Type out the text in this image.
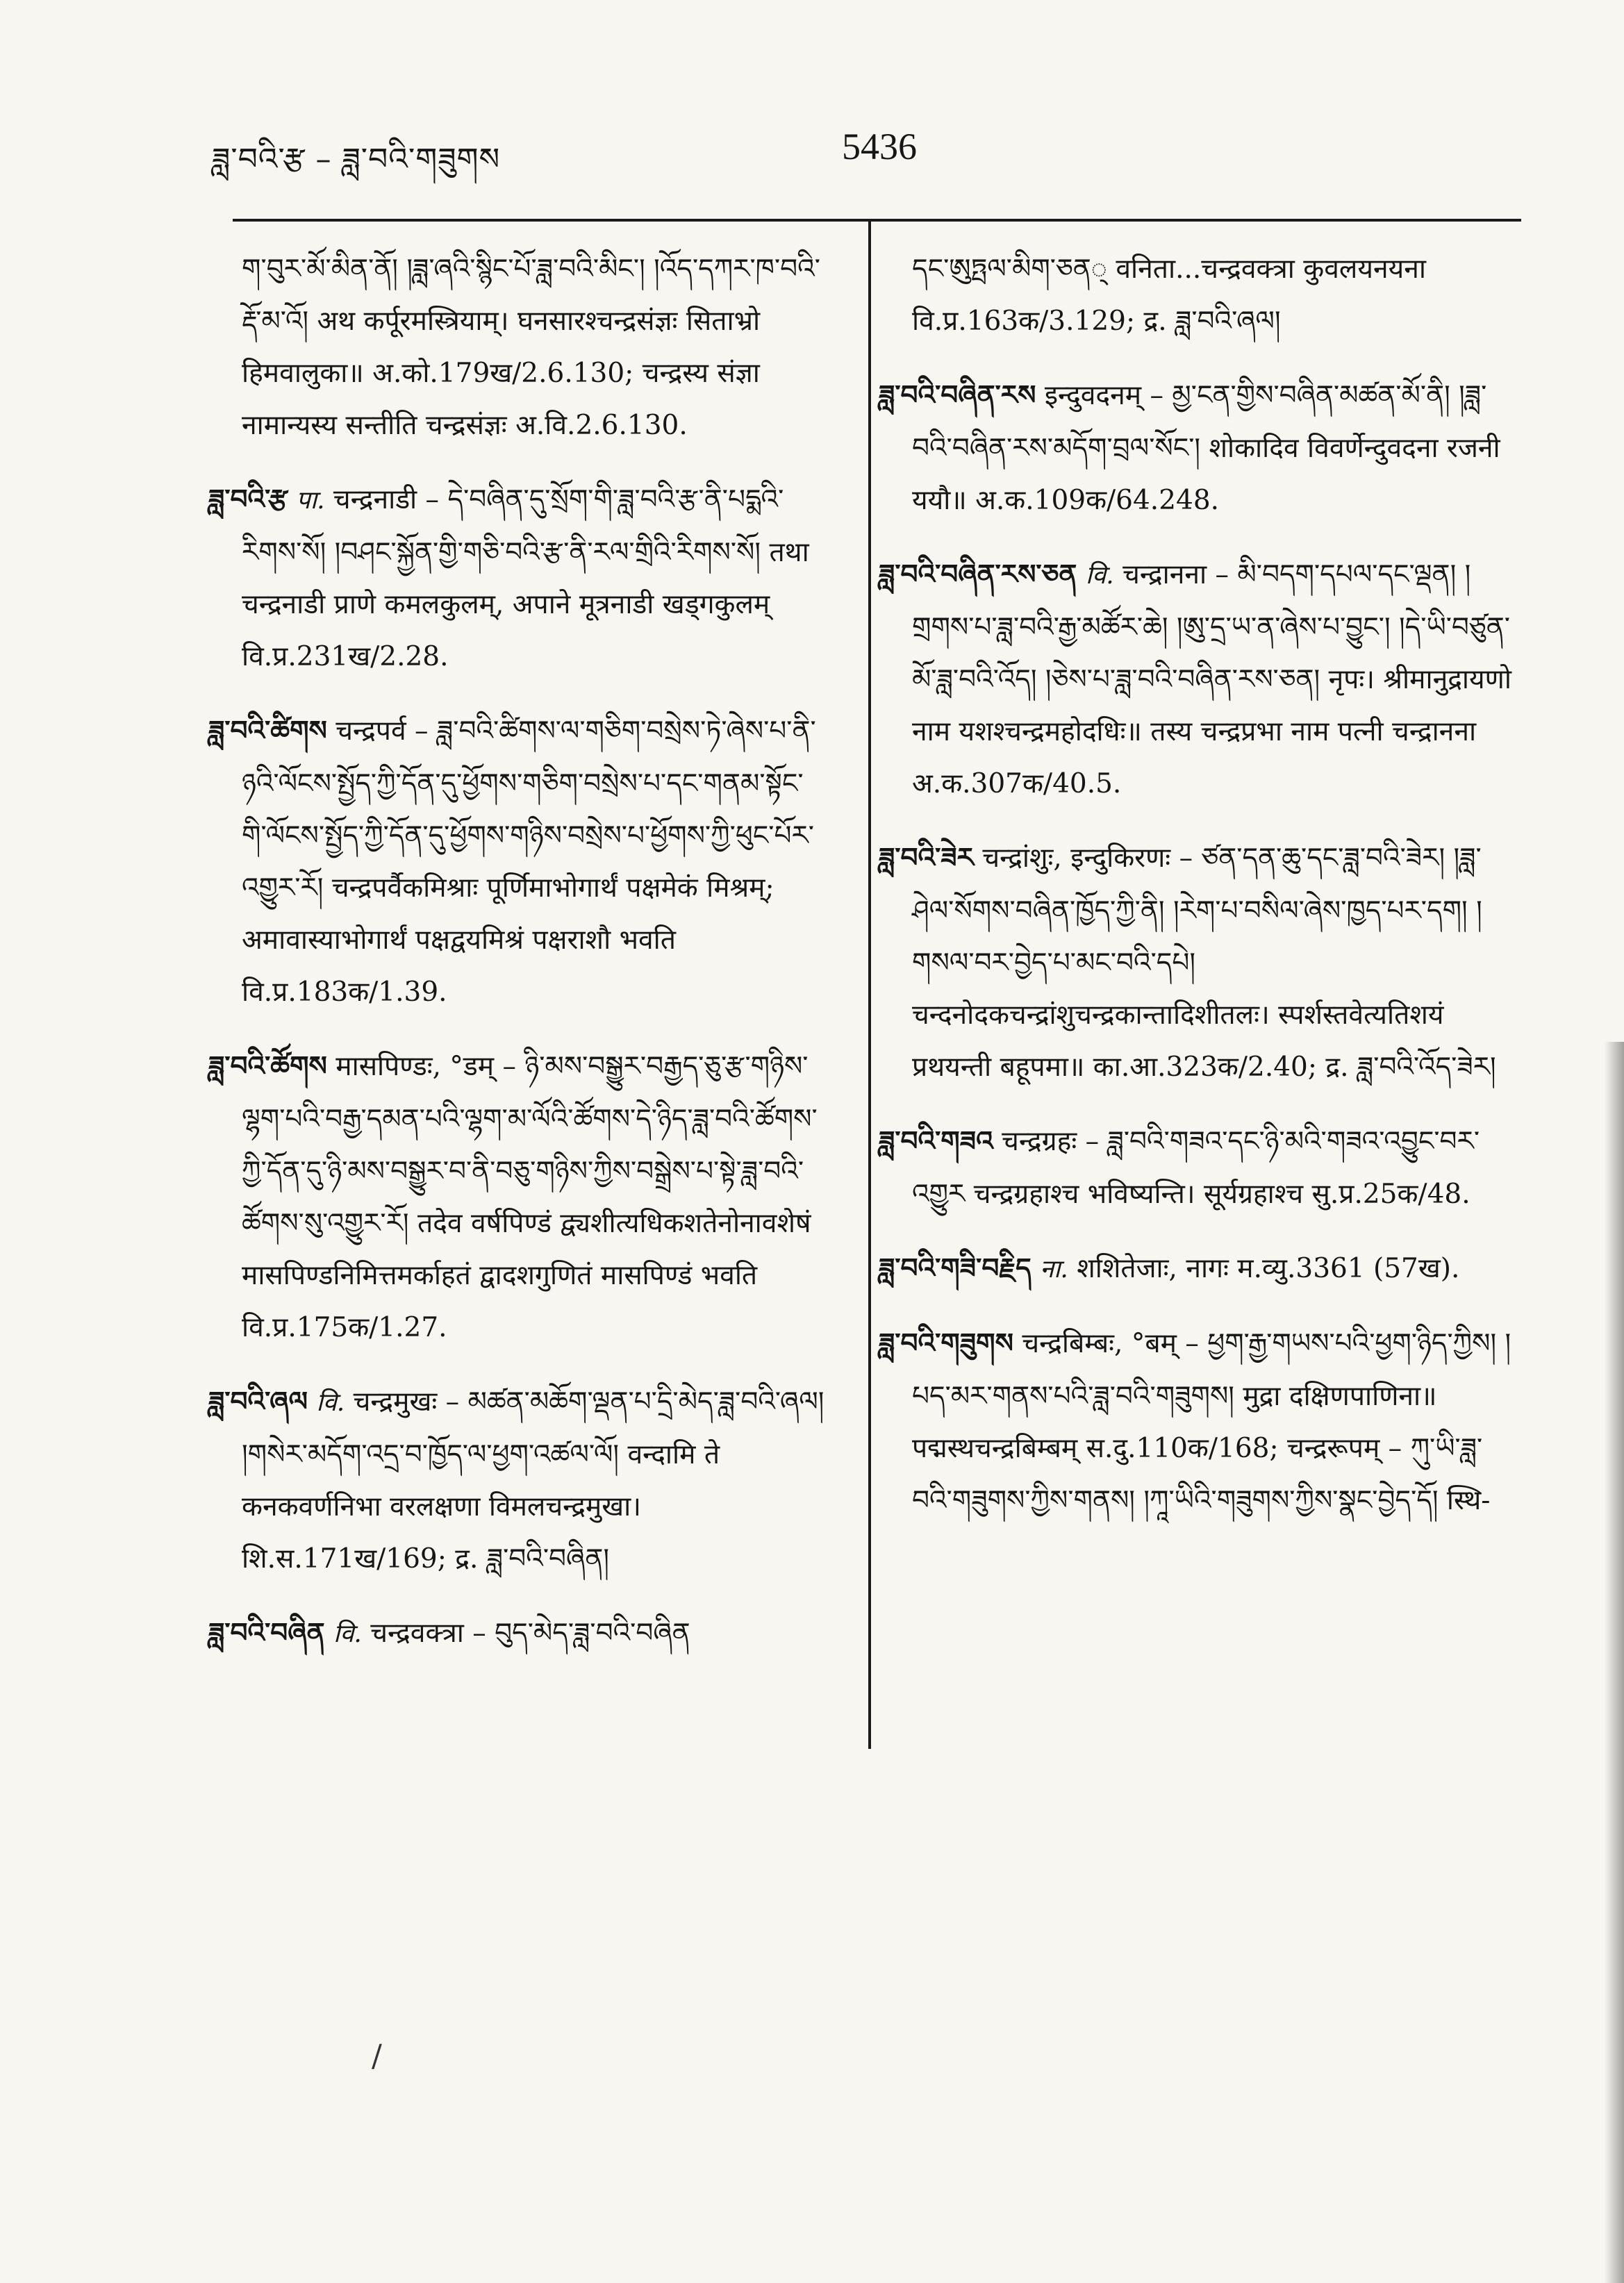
ཟླ་བའི་རྩ – ཟླ་བའི་གཟུགས	5436

ག་བུར་མོ་མིན་ནོ། །ཟླ་ཞའི་སྙིང་པོ་ཟླ་བའི་མིང་། །འོད་དཀར་ཁ་བའི་རྡོ་མ་འོ། अथ कर्पूरमस्त्रियाम्। घनसारश्चन्द्रसंज्ञः सिताभ्रो हिमवालुका॥ अ.को.179ख/2.6.130; चन्द्रस्य संज्ञा नामान्यस्य सन्तीति चन्द्रसंज्ञः अ.वि.2.6.130.

ཟླ་བའི་རྩ पा. चन्द्रनाडी – དེ་བཞིན་དུ་སྲོག་གི་ཟླ་བའི་རྩ་ནི་པདྨའི་རིགས་སོ། །བཤང་སྐྱོན་གྱི་གཅི་བའི་རྩ་ནི་རལ་གྲིའི་རིགས་སོ། तथा चन्द्रनाडी प्राणे कमलकुलम्, अपाने मूत्रनाडी खड्गकुलम् वि.प्र.231ख/2.28.

ཟླ་བའི་ཚིགས चन्द्रपर्व – ཟླ་བའི་ཚིགས་ལ་གཅིག་བསྲེས་ཏེ་ཞེས་པ་ནི་ཉའི་ལོངས་སྤྱོད་ཀྱི་དོན་དུ་ཕྱོགས་གཅིག་བསྲེས་པ་དང་གནམ་སྟོང་གི་ལོངས་སྤྱོད་ཀྱི་དོན་དུ་ཕྱོགས་གཉིས་བསྲེས་པ་ཕྱོགས་ཀྱི་ཕུང་པོར་འགྱུར་རོ། चन्द्रपर्वैकमिश्राः पूर्णिमाभोगार्थं पक्षमेकं मिश्रम्; अमावास्याभोगार्थं पक्षद्वयमिश्रं पक्षराशौ भवति वि.प्र.183क/1.39.

ཟླ་བའི་ཚོགས मासपिण्डः, °डम् – ཉི་མས་བསྒྱུར་བརྒྱད་ཅུ་རྩ་གཉིས་ལྷག་པའི་བརྒྱ་དམན་པའི་ལྷག་མ་ལོའི་ཚོགས་དེ་ཉིད་ཟླ་བའི་ཚོགས་ཀྱི་དོན་དུ་ཉི་མས་བསྒྱུར་བ་ནི་བཅུ་གཉིས་ཀྱིས་བསྒྲེས་པ་སྟེ་ཟླ་བའི་ཚོགས་སུ་འགྱུར་རོ། तदेव वर्षपिण्डं द्व्यशीत्यधिकशतेनोनावशेषं मासपिण्डनिमित्तमर्काहतं द्वादशगुणितं मासपिण्डं भवति वि.प्र.175क/1.27.

ཟླ་བའི་ཞལ वि. चन्द्रमुखः – མཚན་མཆོག་ལྡན་པ་དྲི་མེད་ཟླ་བའི་ཞལ། །གསེར་མདོག་འདྲ་བ་ཁྱོད་ལ་ཕྱག་འཚལ་ལོ། वन्दामि ते कनकवर्णनिभा वरलक्षणा विमलचन्द्रमुखा। शि.स.171ख/169; द्र. ཟླ་བའི་བཞིན།

ཟླ་བའི་བཞིན वि. चन्द्रवक्त्रा – བུད་མེད་ཟླ་བའི་བཞིན

དང་ཨུཏྤལ་མིག་ཅན् वनिता...चन्द्रवक्त्रा कुवलयनयना वि.प्र.163क/3.129; द्र. ཟླ་བའི་ཞལ།

ཟླ་བའི་བཞིན་རས इन्दुवदनम् – མྱ་ངན་གྱིས་བཞིན་མཚན་མོ་ནི། །ཟླ་བའི་བཞིན་རས་མདོག་བྲལ་སོང་། शोकादिव विवर्णेन्दुवदना रजनी ययौ॥ अ.क.109क/64.248.

ཟླ་བའི་བཞིན་རས་ཅན वि. चन्द्रानना – མི་བདག་དཔལ་དང་ལྡན། །གྲགས་པ་ཟླ་བའི་རྒྱ་མཚོར་ཆེ། །ཨུ་དྲ་ཡ་ན་ཞེས་པ་བྱུང་། །དེ་ཡི་བཙུན་མོ་ཟླ་བའི་འོད། །ཅེས་པ་ཟླ་བའི་བཞིན་རས་ཅན། नृपः। श्रीमानुद्रायणो नाम यशश्चन्द्रमहोदधिः॥ तस्य चन्द्रप्रभा नाम पत्नी चन्द्रानना अ.क.307क/40.5.

ཟླ་བའི་ཟེར चन्द्रांशुः, इन्दुकिरणः – ཙན་དན་ཆུ་དང་ཟླ་བའི་ཟེར། །ཟླ་ཤེལ་སོགས་བཞིན་ཁྱོད་ཀྱི་ནི། །རེག་པ་བསིལ་ཞེས་ཁྱད་པར་དག། །གསལ་བར་བྱེད་པ་མང་བའི་དཔེ། चन्दनोदकचन्द्रांशुचन्द्रकान्तादिशीतलः। स्पर्शस्तवेत्यतिशयं प्रथयन्ती बहूपमा॥ का.आ.323क/2.40; द्र. ཟླ་བའི་འོད་ཟེར།

ཟླ་བའི་གཟའ चन्द्रग्रहः – ཟླ་བའི་གཟའ་དང་ཉི་མའི་གཟའ་འབྱུང་བར་འགྱུར चन्द्रग्रहाश्च भविष्यन्ति। सूर्यग्रहाश्च सु.प्र.25क/48.

ཟླ་བའི་གཟི་བརྗིད ना. शशितेजाः, नागः म.व्यु.3361 (57ख).

ཟླ་བའི་གཟུགས चन्द्रबिम्बः, °बम् – ཕྱག་རྒྱ་གཡས་པའི་ཕྱག་ཉིད་ཀྱིས། །པད་མར་གནས་པའི་ཟླ་བའི་གཟུགས། मुद्रा दक्षिणपाणिना॥ पद्मस्थचन्द्रबिम्बम् स.दु.110क/168; चन्द्ररूपम् – ཀུ་ཡི་ཟླ་བའི་གཟུགས་ཀྱིས་གནས། །ཀཱ་ཡིའི་གཟུགས་ཀྱིས་སྣང་བྱེད་དོ། स्थि-

/
